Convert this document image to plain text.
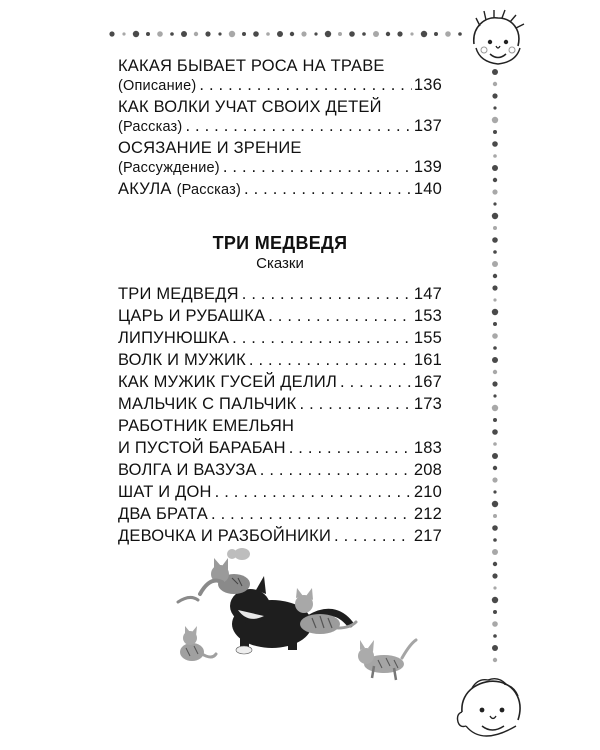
КАКАЯ БЫВАЕТ РОСА НА ТРАВЕ
(Описание) . . .	136
КАК ВОЛКИ УЧАТ СВОИХ ДЕТЕЙ
(Рассказ) . . .	137
ОСЯЗАНИЕ И ЗРЕНИЕ
(Рассуждение) . . .	139
АКУЛА (Рассказ) . . .	140
ТРИ МЕДВЕДЯ
Сказки
ТРИ МЕДВЕДЯ . . .	147
ЦАРЬ И РУБАШКА . . .	153
ЛИПУНЮШКА . . .	155
ВОЛК И МУЖИК . . .	161
КАК МУЖИК ГУСЕЙ ДЕЛИЛ . . .	167
МАЛЬЧИК С ПАЛЬЧИК . . .	173
РАБОТНИК ЕМЕЛЬЯН
И ПУСТОЙ БАРАБАН . . .	183
ВОЛГА И ВАЗУЗА . . .	208
ШАТ И ДОН . . .	210
ДВА БРАТА . . .	212
ДЕВОЧКА И РАЗБОЙНИКИ . . .	217
